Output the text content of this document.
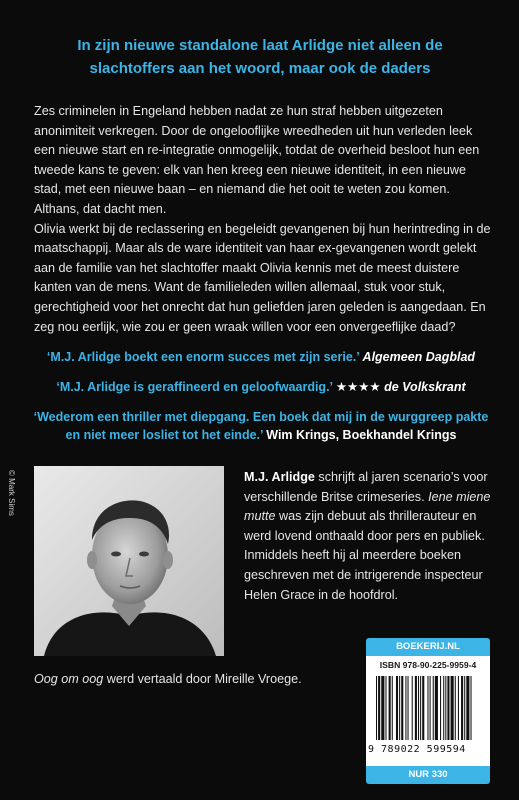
In zijn nieuwe standalone laat Arlidge niet alleen de
slachtoffers aan het woord, maar ook de daders

Zes criminelen in Engeland hebben nadat ze hun straf hebben uitgezeten anonimiteit verkregen. Door de ongelooflijke wreedheden uit hun verleden leek een nieuwe start en re-integratie onmogelijk, totdat de overheid besloot hun een tweede kans te geven: elk van hen kreeg een nieuwe identiteit, in een nieuwe stad, met een nieuwe baan – en niemand die het ooit te weten zou komen. Althans, dat dacht men.

Olivia werkt bij de reclassering en begeleidt gevangenen bij hun herintreding in de maatschappij. Maar als de ware identiteit van haar ex-gevangenen wordt gelekt aan de familie van het slachtoffer maakt Olivia kennis met de meest duistere kanten van de mens. Want de familieleden willen allemaal, stuk voor stuk, gerechtigheid voor het onrecht dat hun geliefden jaren geleden is aangedaan. En zeg nou eerlijk, wie zou er geen wraak willen voor een onvergeeflijke daad?

‘M.J. Arlidge boekt een enorm succes met zijn serie.’ Algemeen Dagblad

‘M.J. Arlidge is geraffineerd en geloofwaardig.’ ★★★★ de Volkskrant

‘Wederom een thriller met diepgang. Een boek dat mij in de wurggreep pakte en niet meer losliet tot het einde.’ Wim Krings, Boekhandel Krings

© Mark Sims	M.J. Arlidge schrijft al jaren scenario’s voor verschillende Britse crimeseries. Iene miene mutte was zijn debuut als thrillerauteur en werd lovend onthaald door pers en publiek. Inmiddels heeft hij al meerdere boeken geschreven met de intrigerende inspecteur Helen Grace in de hoofdrol.

Oog om oog werd vertaald door Mireille Vroege.
BOEKERIJ.NL
ISBN 978-90-225-9959-4
9 789022 599594
NUR 330
